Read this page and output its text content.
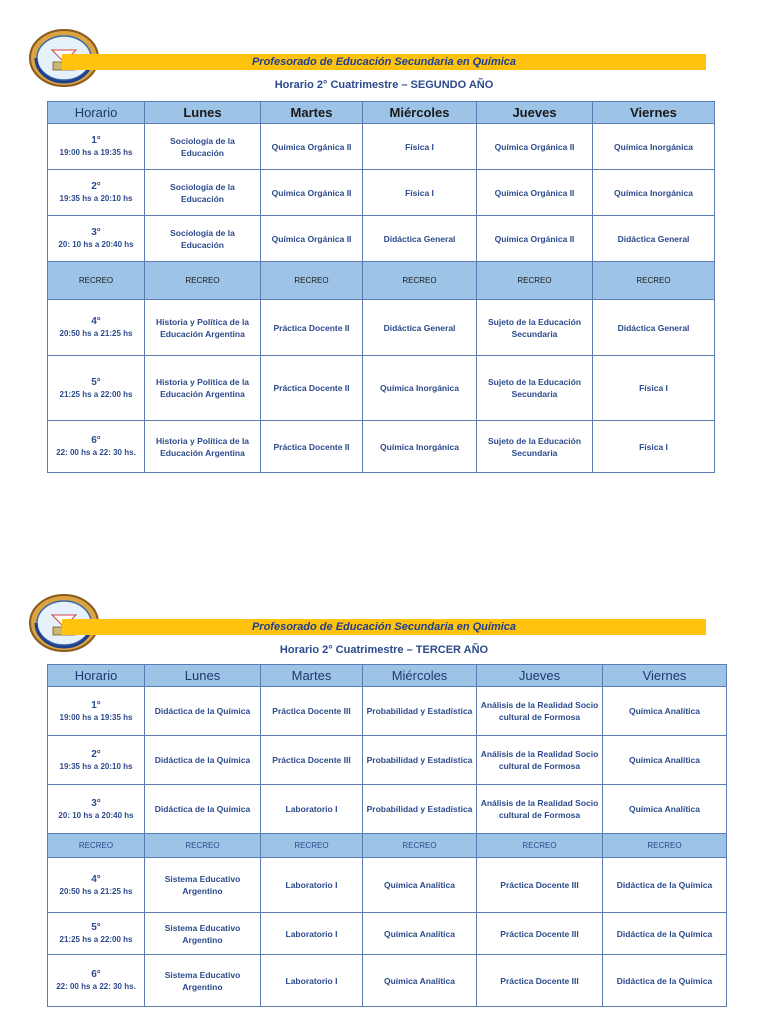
Profesorado de Educación Secundaria en Química
Horario 2° Cuatrimestre – SEGUNDO AÑO
Horario	Lunes	Martes	Miércoles	Jueves	Viernes

1°
19:00 hs a 19:35 hs	Sociología de la Educación	Química Orgánica II	Física I	Química Orgánica II	Química Inorgánica

2°
19:35 hs a 20:10 hs	Sociología de la Educación	Química Orgánica II	Física I	Química Orgánica II	Química Inorgánica

3°
20: 10 hs a 20:40 hs	Sociología de la Educación	Química Orgánica II	Didáctica General	Química Orgánica II	Didáctica General
RECREO	RECREO	RECREO	RECREO	RECREO	RECREO

4°
20:50 hs a 21:25 hs	Historia y Política de la Educación Argentina	Práctica Docente II	Didáctica General	Sujeto de la Educación Secundaria	Didáctica General

5°
21:25 hs a 22:00 hs	Historia y Política de la Educación Argentina	Práctica Docente II	Química Inorgánica	Sujeto de la Educación Secundaria	Física I

6°
22: 00 hs a 22: 30 hs.	Historia y Política de la Educación Argentina	Práctica Docente II	Química Inorgánica	Sujeto de la Educación Secundaria	Física I
Profesorado de Educación Secundaria en Química
Horario 2° Cuatrimestre – TERCER AÑO
Horario	Lunes	Martes	Miércoles	Jueves	Viernes

1°
19:00 hs a 19:35 hs	Didáctica de la Química	Práctica Docente III	Probabilidad y Estadística	Análisis de la Realidad Socio cultural de Formosa	Química Analítica

2°
19:35 hs a 20:10 hs	Didáctica de la Química	Práctica Docente III	Probabilidad y Estadística	Análisis de la Realidad Socio cultural de Formosa	Química Analítica

3°
20: 10 hs a 20:40 hs	Didáctica de la Química	Laboratorio I	Probabilidad y Estadística	Análisis de la Realidad Socio cultural de Formosa	Química Analítica
RECREO	RECREO	RECREO	RECREO	RECREO	RECREO

4°
20:50 hs a 21:25 hs	Sistema Educativo Argentino	Laboratorio I	Química Analítica	Práctica Docente III	Didáctica de la Química

5°
21:25 hs a 22:00 hs	Sistema Educativo Argentino	Laboratorio I	Química Analítica	Práctica Docente III	Didáctica de la Química

6°
22: 00 hs a 22: 30 hs.	Sistema Educativo Argentino	Laboratorio I	Química Analítica	Práctica Docente III	Didáctica de la Química
